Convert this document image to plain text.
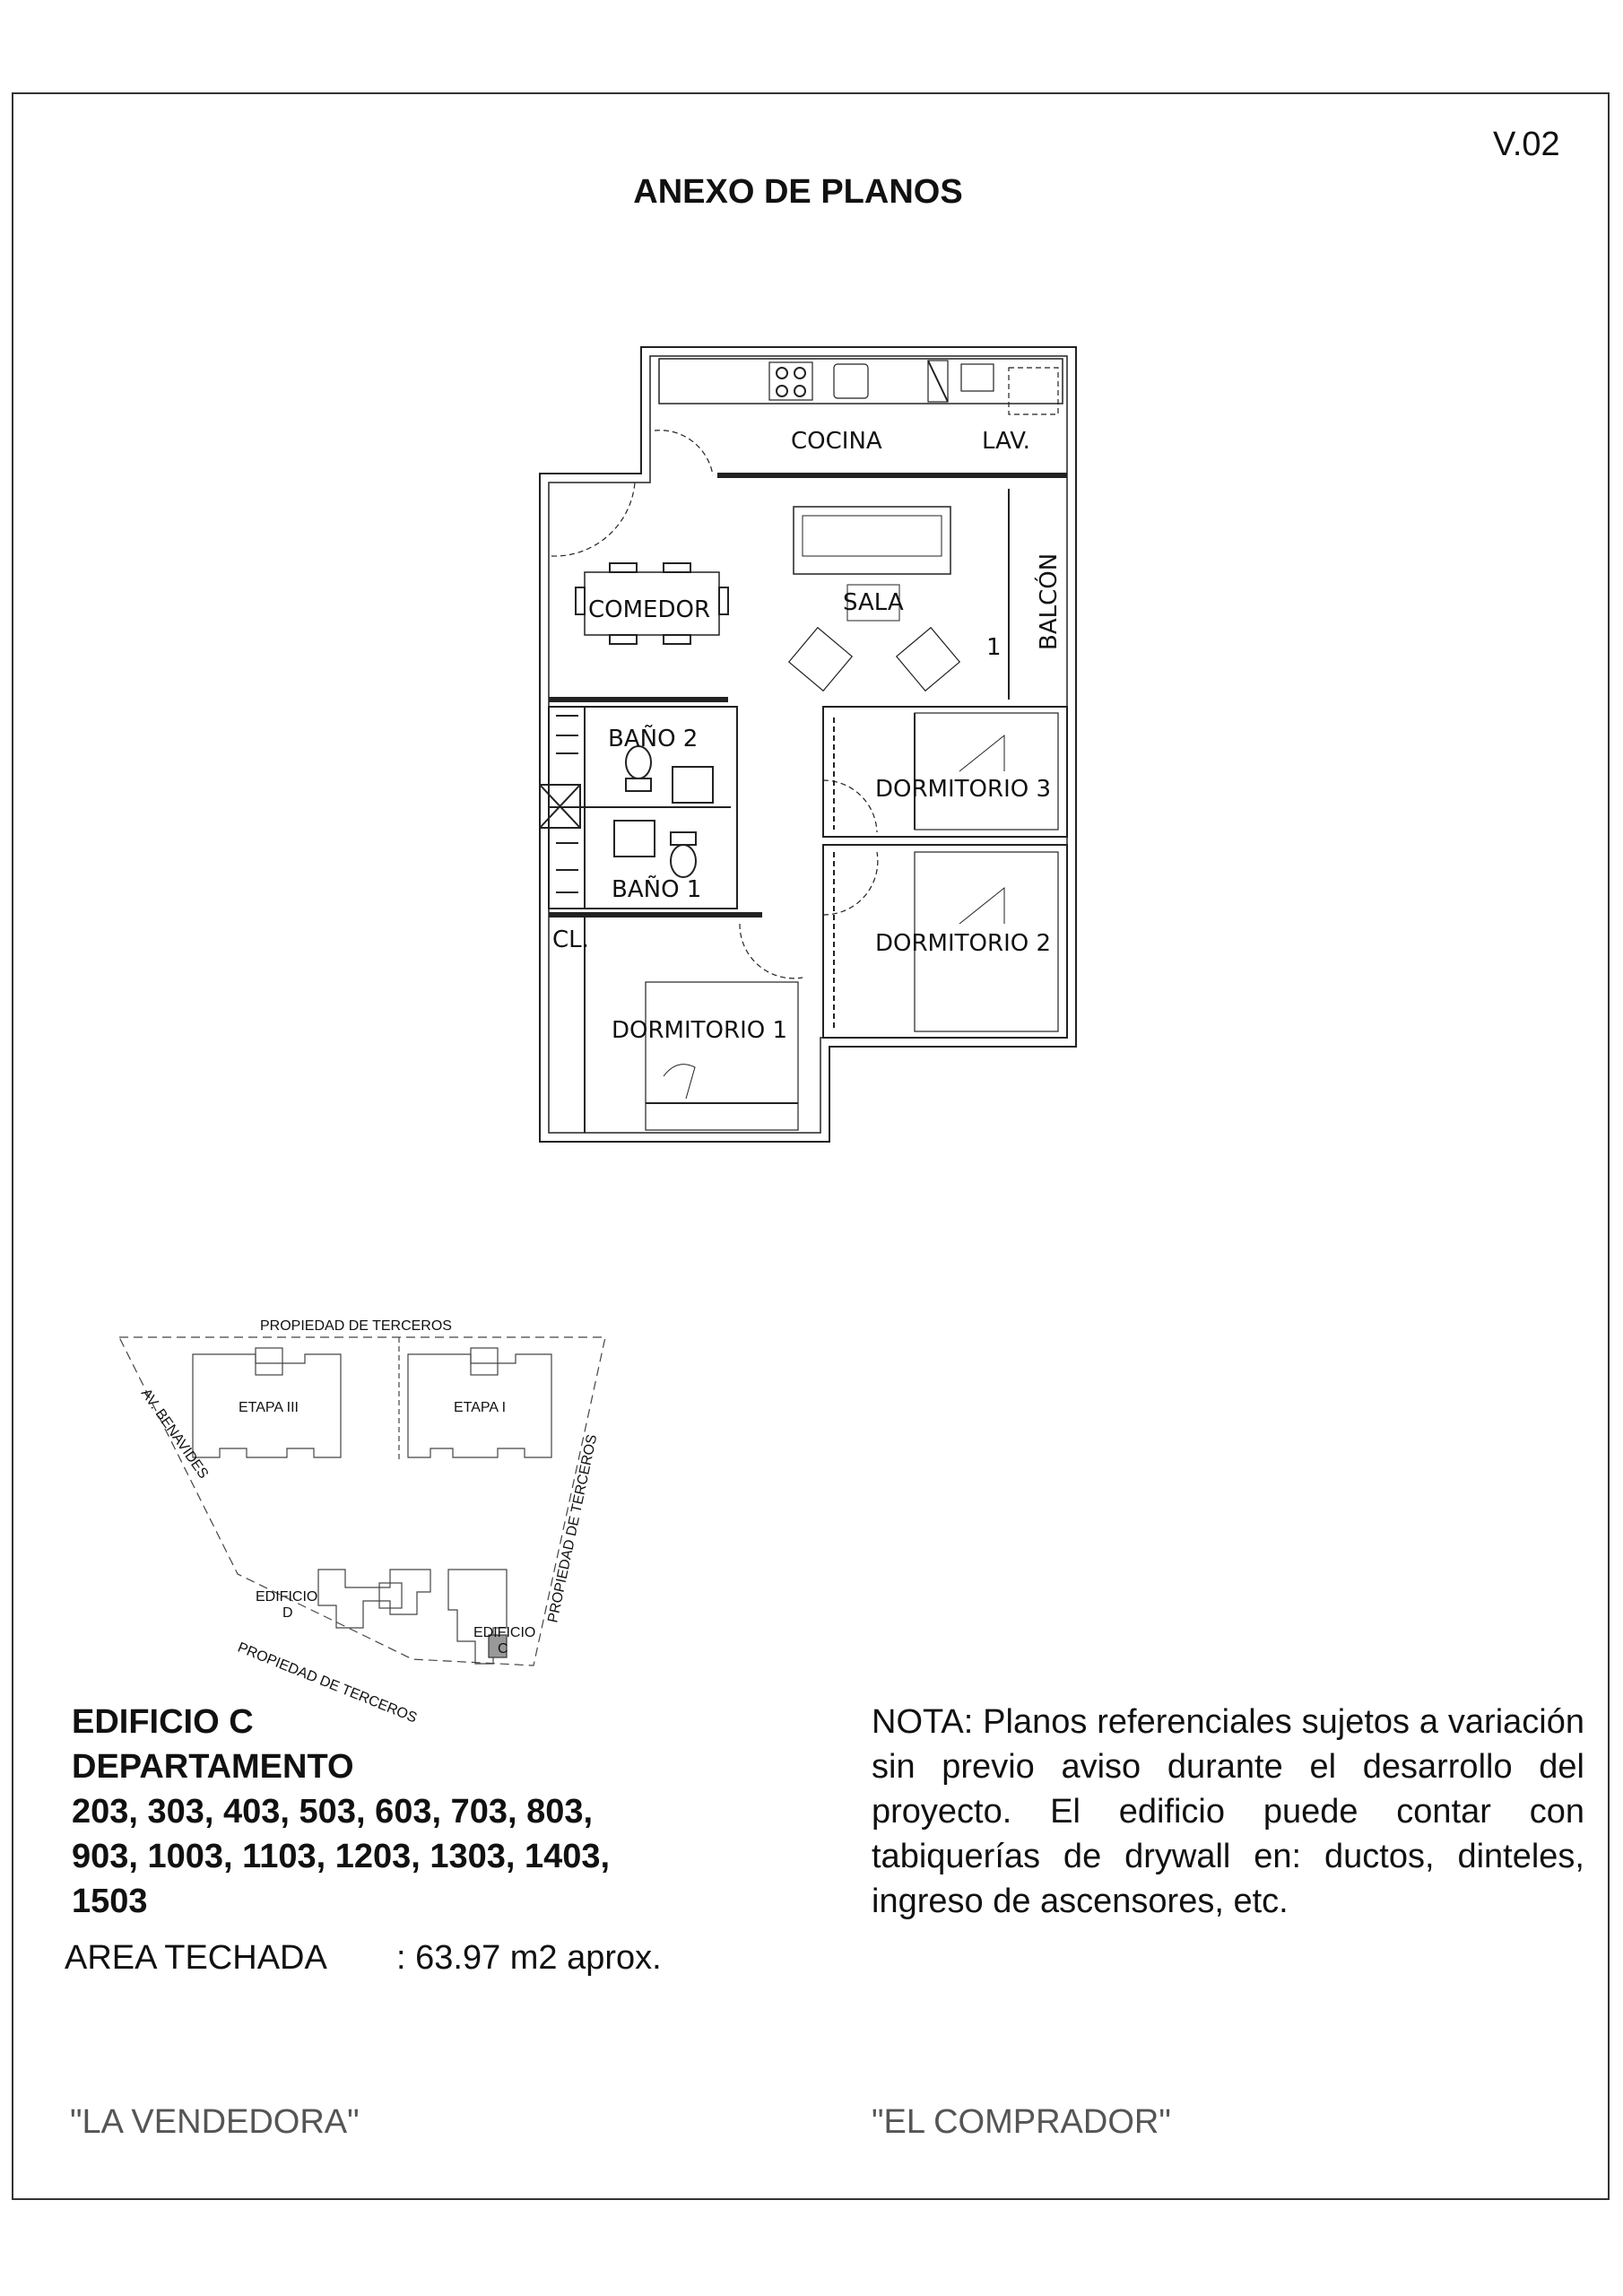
V.02
ANEXO DE PLANOS
COCINA	LAV.
SALA
COMEDOR	BALCÓN
1
BAÑO 2
BAÑO 1
DORMITORIO 3
DORMITORIO 2
CL.
DORMITORIO 1
PROPIEDAD DE TERCEROS
AV. BENAVIDES ETAPA III	ETAPA I
PROPIEDAD DE TERCEROS
EDIFICIO
D
PROPIEDAD DE TERCEROS
EDIFICIO
C
EDIFICIO C
DEPARTAMENTO
203, 303, 403, 503, 603, 703, 803,
903, 1003, 1103, 1203, 1303, 1403,
1503
AREA TECHADA : 63.97 m2 aprox.
NOTA: Planos referenciales sujetos a variación sin previo aviso durante el desarrollo del proyecto. El edificio puede contar con tabiquerías de drywall en: ductos, dinteles, ingreso de ascensores, etc.
"LA VENDEDORA"	"EL COMPRADOR"
